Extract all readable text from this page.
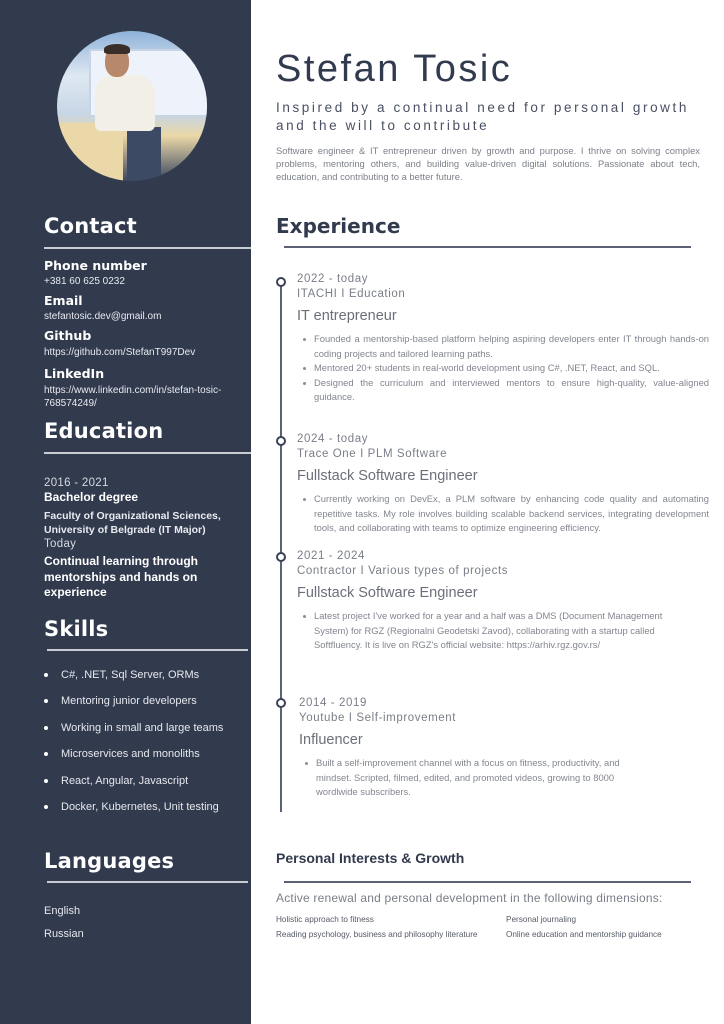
Contact
Phone number
+381 60 625 0232
Email
stefantosic.dev@gmail.om
Github
https://github.com/StefanT997Dev
LinkedIn
https://www.linkedin.com/in/stefan-tosic-768574249/
Education
2016 - 2021
Bachelor degree
Faculty of Organizational Sciences, University of Belgrade (IT Major)
Today
Continual learning through mentorships and hands on experience
Skills
C#, .NET, Sql Server, ORMs
Mentoring junior developers
Working in small and large teams
Microservices and monoliths
React, Angular, Javascript
Docker, Kubernetes, Unit testing
Languages
English
Russian
Stefan Tosic
Inspired by a continual need for personal growth and the will to contribute

Software engineer & IT entrepreneur driven by growth and purpose. I thrive on solving complex problems, mentoring others, and building value-driven digital solutions. Passionate about tech, education, and contributing to a better future.

Experience
2022 - today
ITACHI I Education
IT entrepreneur
Founded a mentorship-based platform helping aspiring developers enter IT through hands-on coding projects and tailored learning paths.
Mentored 20+ students in real-world development using C#, .NET, React, and SQL.
Designed the curriculum and interviewed mentors to ensure high-quality, value-aligned guidance.
2024 - today
Trace One I PLM Software
Fullstack Software Engineer
Currently working on DevEx, a PLM software by enhancing code quality and automating repetitive tasks. My role involves building scalable backend services, integrating development tools, and collaborating with teams to optimize engineering efficiency.
2021 - 2024
Contractor I Various types of projects
Fullstack Software Engineer
Latest project I've worked for a year and a half was a DMS (Document Management System) for RGZ (Regionalni Geodetski Zavod), collaborating with a startup called Softfluency. It is live on RGZ's official website: https://arhiv.rgz.gov.rs/
2014 - 2019
Youtube I Self-improvement
Influencer
Built a self-improvement channel with a focus on fitness, productivity, and mindset. Scripted, filmed, edited, and promoted videos, growing to 8000 wordlwide subscribers.
Personal Interests & Growth
Active renewal and personal development in the following dimensions:
Holistic approach to fitness	Personal journaling
Reading psychology, business and philosophy literature	Online education and mentorship guidance
